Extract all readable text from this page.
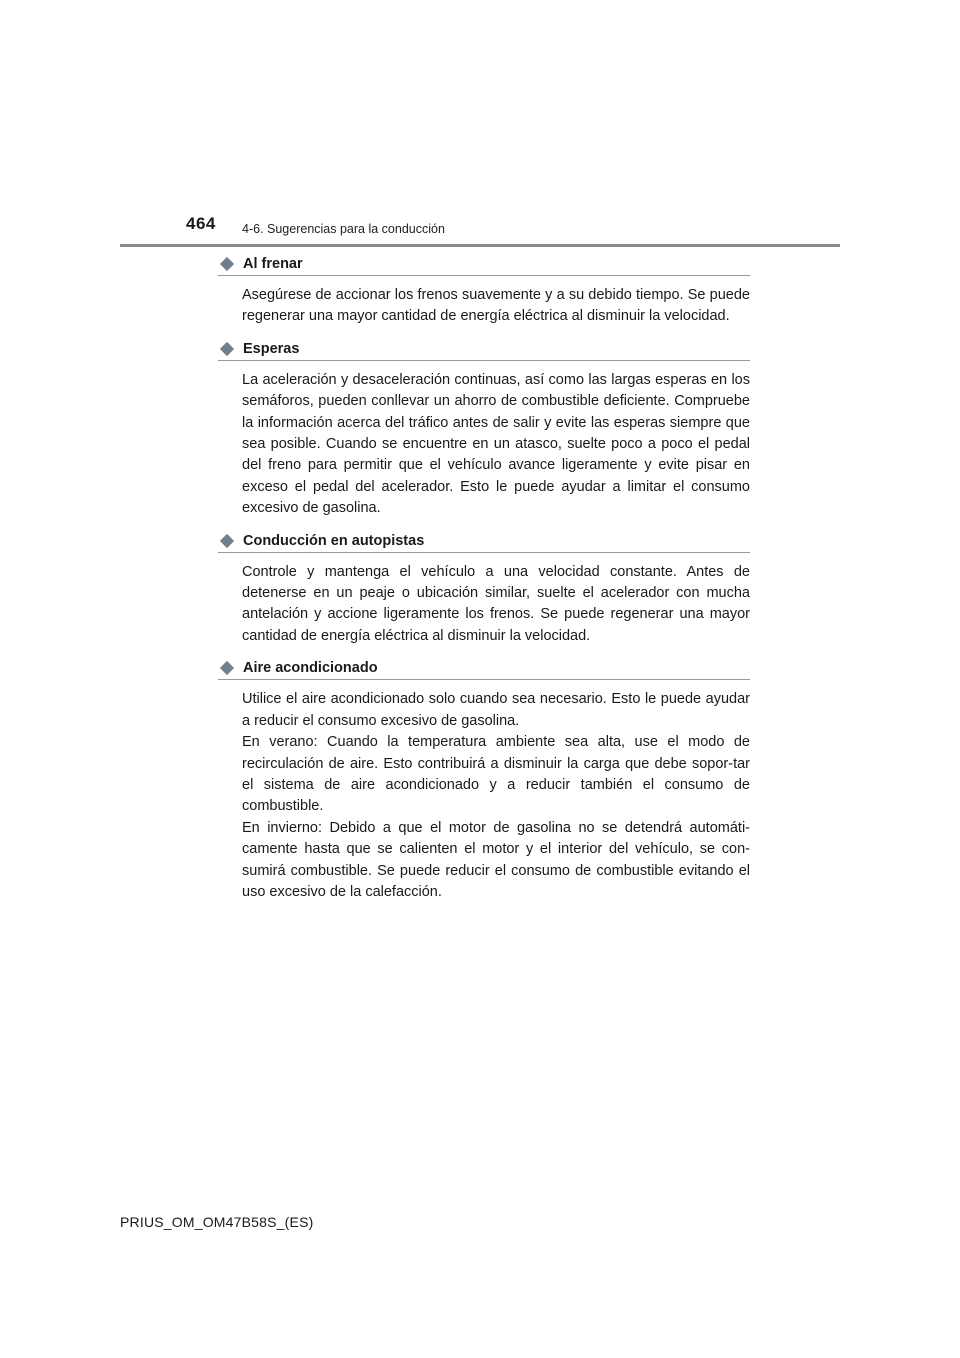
464 4-6. Sugerencias para la conducción
Al frenar

Asegúrese de accionar los frenos suavemente y a su debido tiempo. Se puede regenerar una mayor cantidad de energía eléctrica al disminuir la velocidad.

Esperas

La aceleración y desaceleración continuas, así como las largas esperas en los semáforos, pueden conllevar un ahorro de combustible deficiente. Compruebe la información acerca del tráfico antes de salir y evite las esperas siempre que sea posible. Cuando se encuentre en un atasco, suelte poco a poco el pedal del freno para permitir que el vehículo avance ligeramente y evite pisar en exceso el pedal del acelerador. Esto le puede ayudar a limitar el consumo excesivo de gasolina.

Conducción en autopistas

Controle y mantenga el vehículo a una velocidad constante. Antes de detenerse en un peaje o ubicación similar, suelte el acelerador con mucha antelación y accione ligeramente los frenos. Se puede regenerar una mayor cantidad de energía eléctrica al disminuir la velocidad.

Aire acondicionado

Utilice el aire acondicionado solo cuando sea necesario. Esto le puede ayudar a reducir el consumo excesivo de gasolina.

En verano: Cuando la temperatura ambiente sea alta, use el modo de recirculación de aire. Esto contribuirá a disminuir la carga que debe sopor-tar el sistema de aire acondicionado y a reducir también el consumo de combustible.

En invierno: Debido a que el motor de gasolina no se detendrá automáti-camente hasta que se calienten el motor y el interior del vehículo, se con-sumirá combustible. Se puede reducir el consumo de combustible evitando el uso excesivo de la calefacción.

PRIUS_OM_OM47B58S_(ES)
